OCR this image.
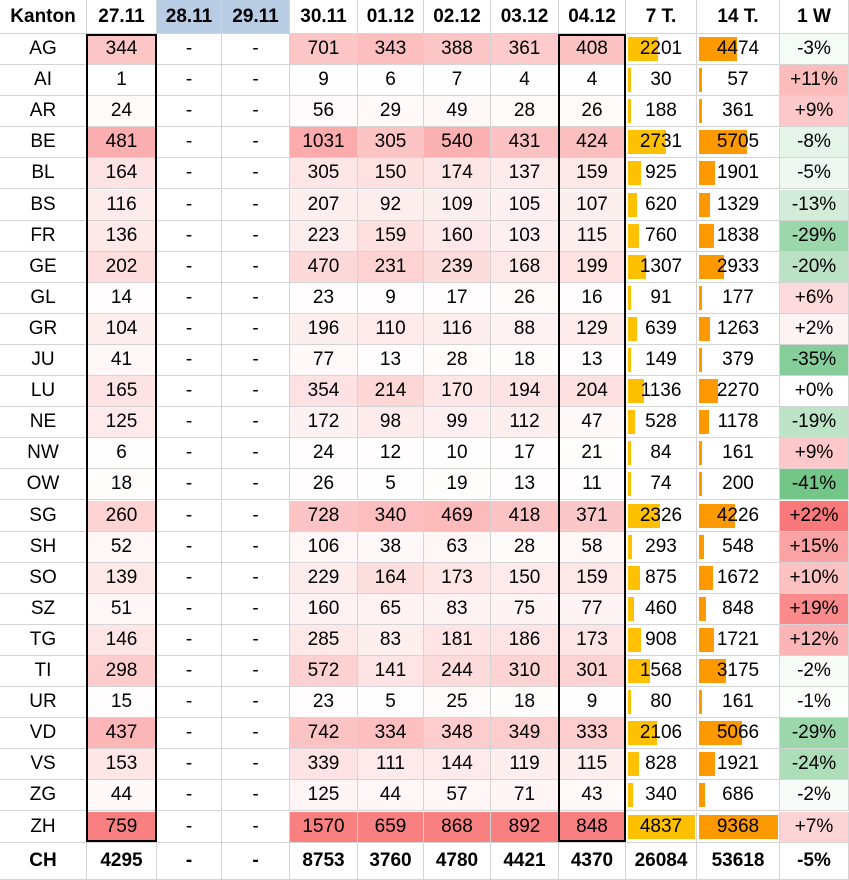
Kanton 27.11 28.11 29.11 30.11 01.12 02.12 03.12 04.12 7 T. 14 T. 1 W
AG	344	-	-	701 343 388 361 408 2201 4474 -3%
AI	1	-	-	9	6	7	4	4	30	57 +11%
AR	24	-	-	56 29 49 28 26 188 361 +9%
BE	481	-	- 1031 305 540 431 424 2731 5705 -8%
BL	164	-	-	305 150 174 137 159 925 1901 -5%
BS	116	-	-	207 92 109 105 107 620 1329 -13%
FR	136	-	-	223 159 160 103 115 760 1838 -29%
GE	202	-	-	470 231 239 168 199 1307 2933 -20%
GL	14	-	-	23	9	17 26 16	91	177 +6%
GR	104	-	-	196 110 116 88 129 639 1263 +2%
JU	41	-	-	77 13 28 18 13 149 379 -35%
LU	165	-	-	354 214 170 194 204 1136 2270 +0%
NE	125	-	-	172 98 99 112 47 528 1178 -19%
NW	6	-	-	24 12 10 17 21	84	161 +9%
OW	18	-	-	26	5	19 13 11	74	200 -41%
SG	260	-	-	728 340 469 418 371 2326 4226 +22%
SH	52	-	-	106 38 63 28 58 293 548 +15%
SO	139	-	-	229 164 173 150 159 875 1672 +10%
SZ	51	-	-	160 65 83 75 77 460 848 +19%
TG	146	-	-	285 83 181 186 173 908 1721 +12%
TI	298	-	-	572 141 244 310 301 1568 3175 -2%
UR	15	-	-	23	5	25 18	9	80	161 -1%
VD	437	-	-	742 334 348 349 333 2106 5066 -29%
VS	153	-	-	339 111 144 119 115 828 1921 -24%
ZG	44	-	-	125 44 57 71 43 340 686 -2%
ZH	759	-	- 1570 659 868 892 848 4837 9368 +7%
CH 4295 -	- 8753 3760 4780 4421 4370 26084 53618 -5%
